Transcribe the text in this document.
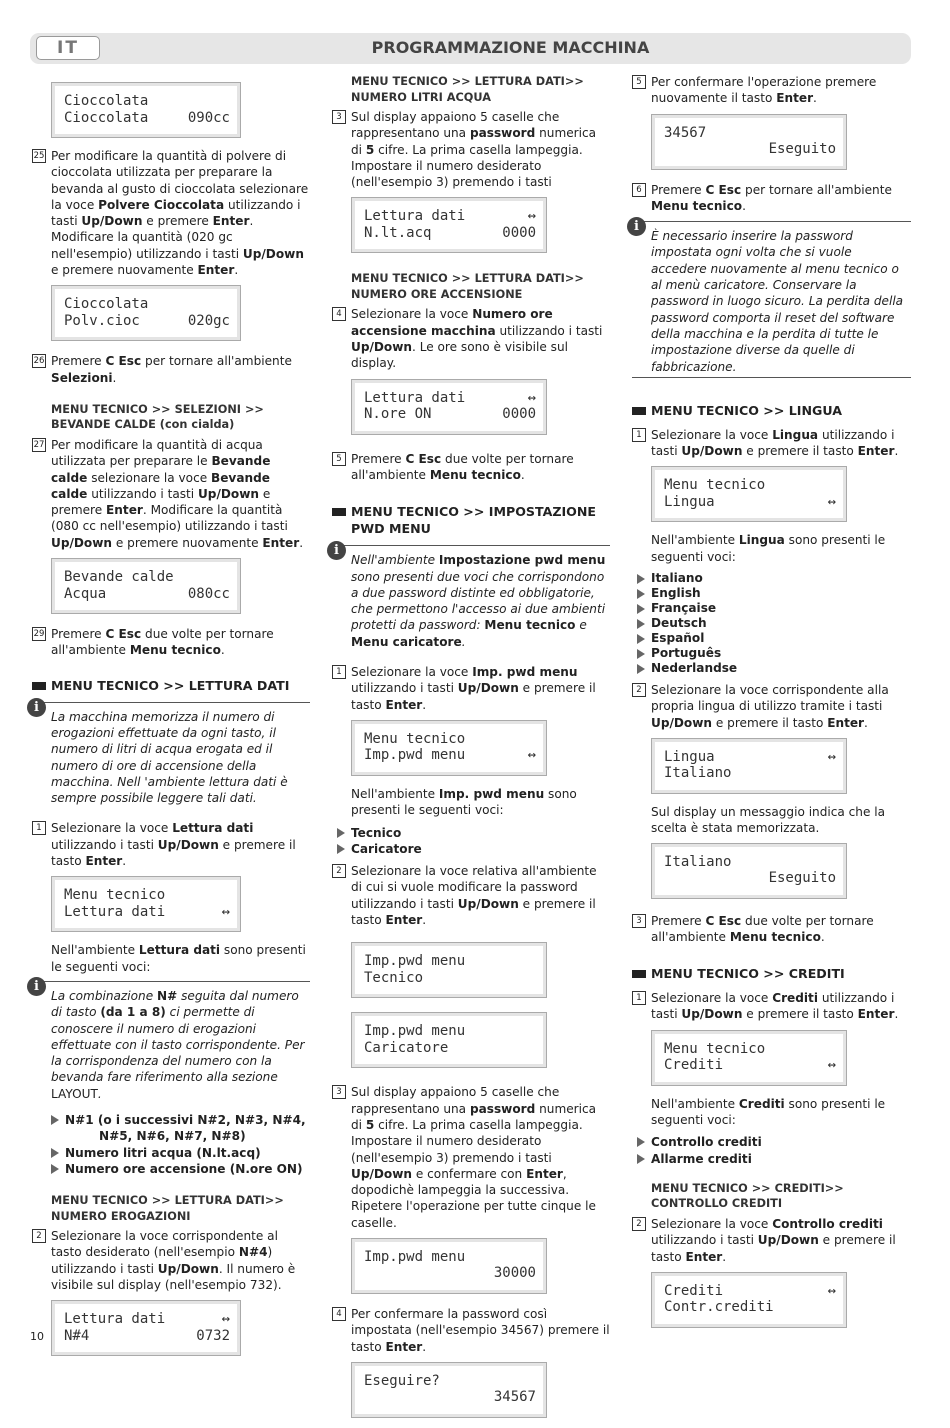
IT	PROGRAMMAZIONE MACCHINA
Cioccolata
Cioccolata	090cc
25 Per modificare la quantità di polvere di cioccolata utilizzata per preparare la bevanda al gusto di cioccolata selezionare la voce Polvere Cioccolata utilizzando i tasti Up/Down e premere Enter. Modificare la quantità (020 gc nell'esempio) utilizzando i tasti Up/Down e premere nuovamente Enter.
Cioccolata
Polv.cioc	020gc
26 Premere C Esc per tornare all'ambiente Selezioni.
MENU TECNICO >> SELEZIONI >> BEVANDE CALDE (con cialda)
27 Per modificare la quantità di acqua utilizzata per preparare le Bevande calde selezionare la voce Bevande calde utilizzando i tasti Up/Down e premere Enter. Modificare la quantità (080 cc nell'esempio) utilizzando i tasti Up/Down e premere nuovamente Enter.
Bevande calde
Acqua	080cc
29 Premere C Esc due volte per tornare all'ambiente Menu tecnico.
MENU TECNICO >> LETTURA DATI
i
La macchina memorizza il numero di erogazioni effettuate da ogni tasto, il numero di litri di acqua erogata ed il numero di ore di accensione della macchina. Nell 'ambiente lettura dati è sempre possibile leggere tali dati.
1 Selezionare la voce Lettura dati utilizzando i tasti Up/Down e premere il tasto Enter.
Menu tecnico
Lettura dati	↔
Nell'ambiente Lettura dati sono presenti le seguenti voci:
i
La combinazione N# seguita dal numero di tasto (da 1 a 8) ci permette di conoscere il numero di erogazioni effettuate con il tasto corrispondente. Per la corrispondenza del numero con la bevanda fare riferimento alla sezione LAYOUT.
N#1 (o i successivi N#2, N#3, N#4,
N#5, N#6, N#7, N#8)
Numero litri acqua (N.lt.acq)
Numero ore accensione (N.ore ON)
MENU TECNICO >> LETTURA DATI>> NUMERO EROGAZIONI
2 Selezionare la voce corrispondente al tasto desiderato (nell'esempio N#4) utilizzando i tasti Up/Down. Il numero è visibile sul display (nell'esempio 732).
Lettura dati	↔
N#4	0732
MENU TECNICO >> LETTURA DATI>> NUMERO LITRI ACQUA
3 Sul display appaiono 5 caselle che rappresentano una password numerica di 5 cifre. La prima casella lampeggia. Impostare il numero desiderato (nell'esempio 3) premendo i tasti
Lettura dati	↔
N.lt.acq	0000
MENU TECNICO >> LETTURA DATI>> NUMERO ORE ACCENSIONE
4 Selezionare la voce Numero ore accensione macchina utilizzando i tasti Up/Down. Le ore sono è visibile sul display.
Lettura dati	↔
N.ore ON	0000
5 Premere C Esc due volte per tornare all'ambiente Menu tecnico.
MENU TECNICO >> IMPOSTAZIONE PWD MENU
i
Nell'ambiente Impostazione pwd menu sono presenti due voci che corrispondono a due password distinte ed obbligatorie, che permettono l'accesso ai due ambienti protetti da password: Menu tecnico e Menu caricatore.
1 Selezionare la voce Imp. pwd menu utilizzando i tasti Up/Down e premere il tasto Enter.
Menu tecnico
Imp.pwd menu	↔
Nell'ambiente Imp. pwd menu sono presenti le seguenti voci:
Tecnico
Caricatore
2 Selezionare la voce relativa all'ambiente di cui si vuole modificare la password utilizzando i tasti Up/Down e premere il tasto Enter.
Imp.pwd menu
Tecnico
Imp.pwd menu
Caricatore
3 Sul display appaiono 5 caselle che rappresentano una password numerica di 5 cifre. La prima casella lampeggia. Impostare il numero desiderato (nell'esempio 3) premendo i tasti Up/Down e confermare con Enter, dopodichè lampeggia la successiva. Ripetere l'operazione per tutte cinque le caselle.
Imp.pwd menu
30000
4 Per confermare la password così impostata (nell'esempio 34567) premere il tasto Enter.
Eseguire?
34567
5 Per confermare l'operazione premere nuovamente il tasto Enter.
34567
Eseguito
6 Premere C Esc per tornare all'ambiente Menu tecnico.
i
È necessario inserire la password impostata ogni volta che si vuole accedere nuovamente al menu tecnico o al menù caricatore. Conservare la password in luogo sicuro. La perdita della password comporta il reset del software della macchina e la perdita di tutte le impostazione diverse da quelle di fabbricazione.
MENU TECNICO >> LINGUA
1 Selezionare la voce Lingua utilizzando i tasti Up/Down e premere il tasto Enter.
Menu tecnico
Lingua	↔
Nell'ambiente Lingua sono presenti le seguenti voci:
Italiano
English
Française
Deutsch
Español
Português
Nederlandse
2 Selezionare la voce corrispondente alla propria lingua di utilizzo tramite i tasti Up/Down e premere il tasto Enter.
Lingua	↔
Italiano
Sul display un messaggio indica che la scelta è stata memorizzata.
Italiano
Eseguito
3 Premere C Esc due volte per tornare all'ambiente Menu tecnico.
MENU TECNICO >> CREDITI
1 Selezionare la voce Crediti utilizzando i tasti Up/Down e premere il tasto Enter.
Menu tecnico
Crediti	↔
Nell'ambiente Crediti sono presenti le seguenti voci:
Controllo crediti
Allarme crediti
MENU TECNICO >> CREDITI>> CONTROLLO CREDITI
2 Selezionare la voce Controllo crediti utilizzando i tasti Up/Down e premere il tasto Enter.
Crediti	↔
Contr.crediti
10
